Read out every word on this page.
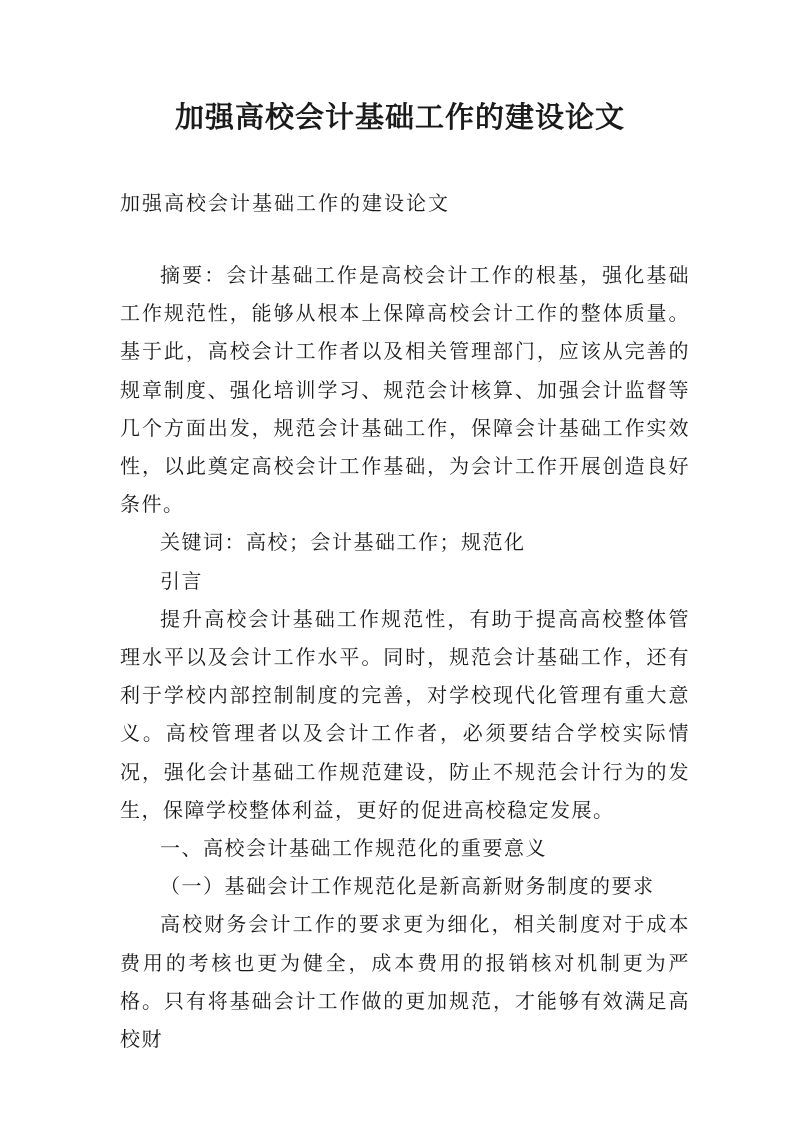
加强高校会计基础工作的建设论文
加强高校会计基础工作的建设论文

摘要：会计基础工作是高校会计工作的根基，强化基础工作规范性，能够从根本上保障高校会计工作的整体质量。基于此，高校会计工作者以及相关管理部门，应该从完善的规章制度、强化培训学习、规范会计核算、加强会计监督等几个方面出发，规范会计基础工作，保障会计基础工作实效性，以此奠定高校会计工作基础，为会计工作开展创造良好条件。

关键词：高校；会计基础工作；规范化

引言

提升高校会计基础工作规范性，有助于提高高校整体管理水平以及会计工作水平。同时，规范会计基础工作，还有利于学校内部控制制度的完善，对学校现代化管理有重大意义。高校管理者以及会计工作者，必须要结合学校实际情况，强化会计基础工作规范建设，防止不规范会计行为的发生，保障学校整体利益，更好的促进高校稳定发展。

一、高校会计基础工作规范化的重要意义

（一）基础会计工作规范化是新高新财务制度的要求

高校财务会计工作的要求更为细化，相关制度对于成本费用的考核也更为健全，成本费用的报销核对机制更为严格。只有将基础会计工作做的更加规范，才能够有效满足高校财
